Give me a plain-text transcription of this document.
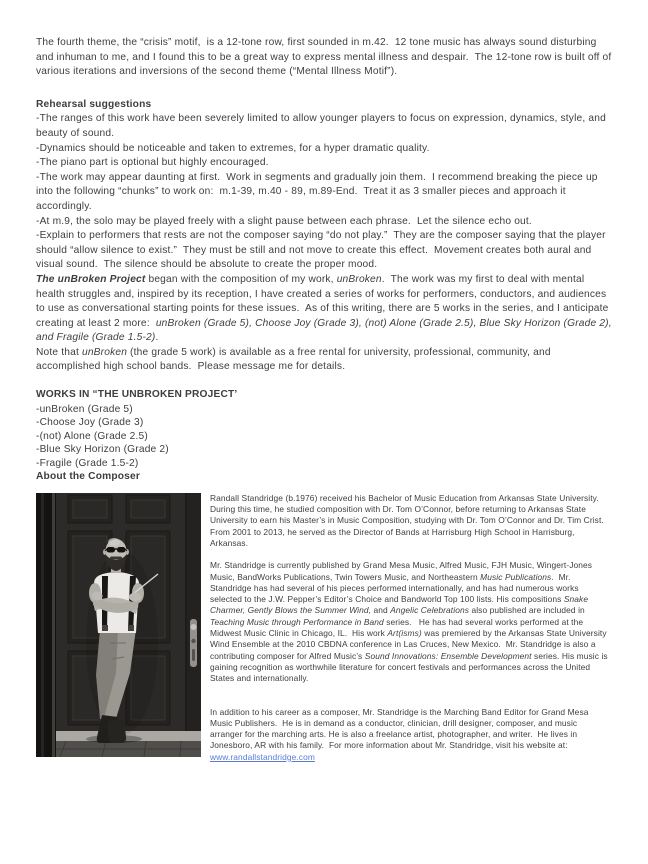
The fourth theme, the “crisis” motif,  is a 12-tone row, first sounded in m.42.  12 tone music has always sound disturbing and inhuman to me, and I found this to be a great way to express mental illness and despair.  The 12-tone row is built off of various iterations and inversions of the second theme (“Mental Illness Motif”).

Rehearsal suggestions

-The ranges of this work have been severely limited to allow younger players to focus on expression, dynamics, style, and beauty of sound.

-Dynamics should be noticeable and taken to extremes, for a hyper dramatic quality.

-The piano part is optional but highly encouraged.

-The work may appear daunting at first.  Work in segments and gradually join them.  I recommend breaking the piece up into the following “chunks” to work on:  m.1-39, m.40 - 89, m.89-End.  Treat it as 3 smaller pieces and approach it accordingly.

-At m.9, the solo may be played freely with a slight pause between each phrase.  Let the silence echo out.

-Explain to performers that rests are not the composer saying “do not play.”  They are the composer saying that the player should “allow silence to exist.”  They must be still and not move to create this effect.  Movement creates both aural and visual sound.  The silence should be absolute to create the proper mood.

The unBroken Project began with the composition of my work, unBroken.  The work was my first to deal with mental health struggles and, inspired by its reception, I have created a series of works for performers, conductors, and audiences to use as conversational starting points for these issues.  As of this writing, there are 5 works in the series, and I anticipate creating at least 2 more:  unBroken (Grade 5), Choose Joy (Grade 3), (not) Alone (Grade 2.5), Blue Sky Horizon (Grade 2), and Fragile (Grade 1.5-2).

Note that unBroken (the grade 5 work) is available as a free rental for university, professional, community, and accomplished high school bands.  Please message me for details.

WORKS IN “THE UNBROKEN PROJECT’

-unBroken (Grade 5)

-Choose Joy (Grade 3)

-(not) Alone (Grade 2.5)

-Blue Sky Horizon (Grade 2)

-Fragile (Grade 1.5-2)

About the Composer

Randall Standridge (b.1976) received his Bachelor of Music Education from Arkansas State University.  During this time, he studied composition with Dr. Tom O’Connor, before returning to Arkansas State University to earn his Master’s in Music Composition, studying with Dr. Tom O’Connor and Dr. Tim Crist.  From 2001 to 2013, he served as the Director of Bands at Harrisburg High School in Harrisburg, Arkansas.

Mr. Standridge is currently published by Grand Mesa Music, Alfred Music, FJH Music, Wingert-Jones Music, BandWorks Publications, Twin Towers Music, and Northeastern Music Publications.  Mr. Standridge has had several of his pieces performed internationally, and has had numerous works selected to the J.W. Pepper’s Editor’s Choice and Bandworld Top 100 lists. His compositions Snake Charmer, Gently Blows the Summer Wind, and Angelic Celebrations also published are included in Teaching Music through Performance in Band series.   He has had several works performed at the Midwest Music Clinic in Chicago, IL.  His work Art(isms) was premiered by the Arkansas State University Wind Ensemble at the 2010 CBDNA conference in Las Cruces, New Mexico.  Mr. Standridge is also a contributing composer for Alfred Music’s Sound Innovations: Ensemble Development series. His music is gaining recognition as worthwhile literature for concert festivals and performances across the United States and internationally.

In addition to his career as a composer, Mr. Standridge is the Marching Band Editor for Grand Mesa Music Publishers.  He is in demand as a conductor, clinician, drill designer, composer, and music arranger for the marching arts. He is also a freelance artist, photographer, and writer.  He lives in Jonesboro, AR with his family.  For more information about Mr. Standridge, visit his website at:

www.randallstandridge.com
